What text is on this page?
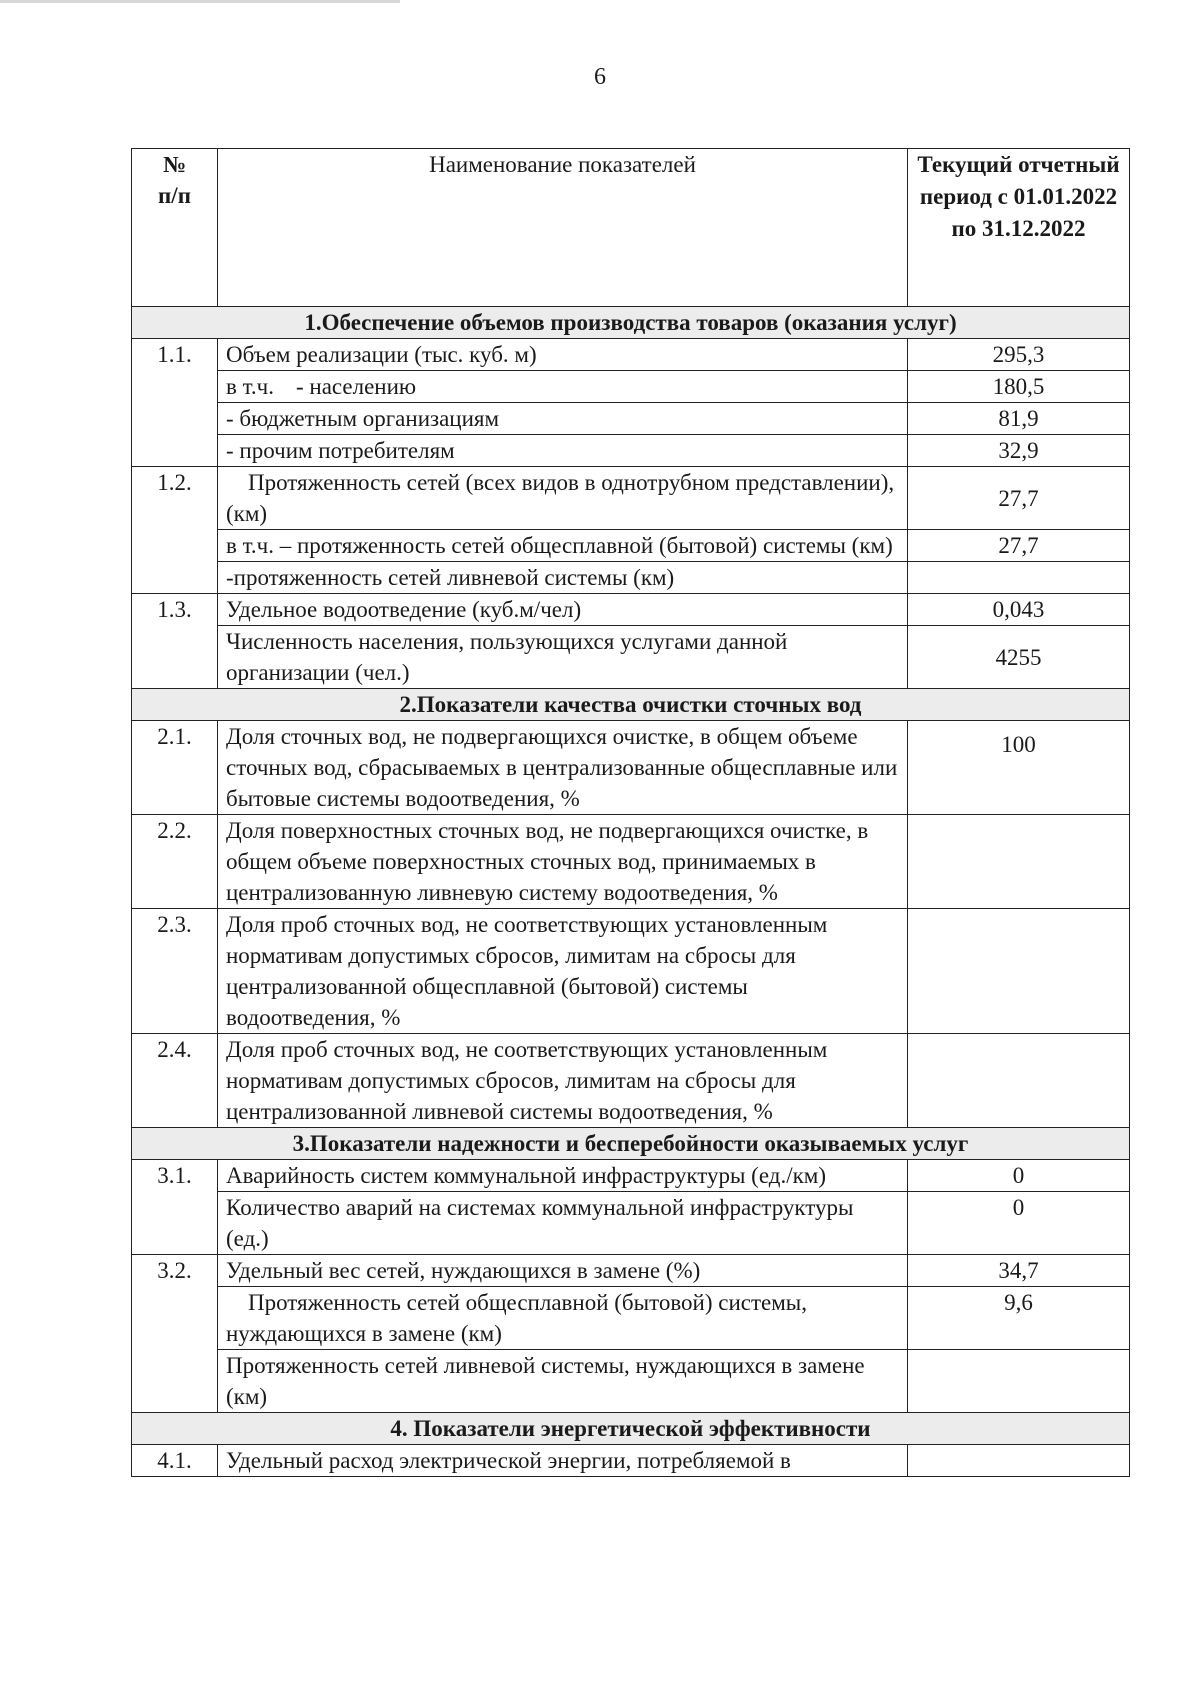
6
№
п/п	Наименование показателей	Текущий отчетный период с 01.01.2022 по 31.12.2022
1.Обеспечение объемов производства товаров (оказания услуг)		
1.1.	Объем реализации (тыс. куб. м)	295,3
	в т.ч. - населению	180,5
	- бюджетным организациям	81,9
	- прочим потребителям	32,9
1.2.	Протяженность сетей (всех видов в однотрубном представлении), (км)	27,7
	в т.ч. – протяженность сетей общесплавной (бытовой) системы (км)	27,7
	-протяженность сетей ливневой системы (км)	
1.3.	Удельное водоотведение (куб.м/чел)	0,043
	Численность населения, пользующихся услугами данной организации (чел.)	4255
2.Показатели качества очистки сточных вод		
2.1.	Доля сточных вод, не подвергающихся очистке, в общем объеме сточных вод, сбрасываемых в централизованные общесплавные или бытовые системы водоотведения, %	100
2.2.	Доля поверхностных сточных вод, не подвергающихся очистке, в общем объеме поверхностных сточных вод, принимаемых в централизованную ливневую систему водоотведения, %	
2.3.	Доля проб сточных вод, не соответствующих установленным нормативам допустимых сбросов, лимитам на сбросы для централизованной общесплавной (бытовой) системы водоотведения, %	
2.4.	Доля проб сточных вод, не соответствующих установленным нормативам допустимых сбросов, лимитам на сбросы для централизованной ливневой системы водоотведения, %	
3.Показатели надежности и бесперебойности оказываемых услуг		
3.1.	Аварийность систем коммунальной инфраструктуры (ед./км)	0
	Количество аварий на системах коммунальной инфраструктуры (ед.)	0
3.2.	Удельный вес сетей, нуждающихся в замене (%)	34,7
	Протяженность сетей общесплавной (бытовой) системы, нуждающихся в замене (км)	9,6
	Протяженность сетей ливневой системы, нуждающихся в замене (км)	
4. Показатели энергетической эффективности		
4.1.	Удельный расход электрической энергии, потребляемой в	
